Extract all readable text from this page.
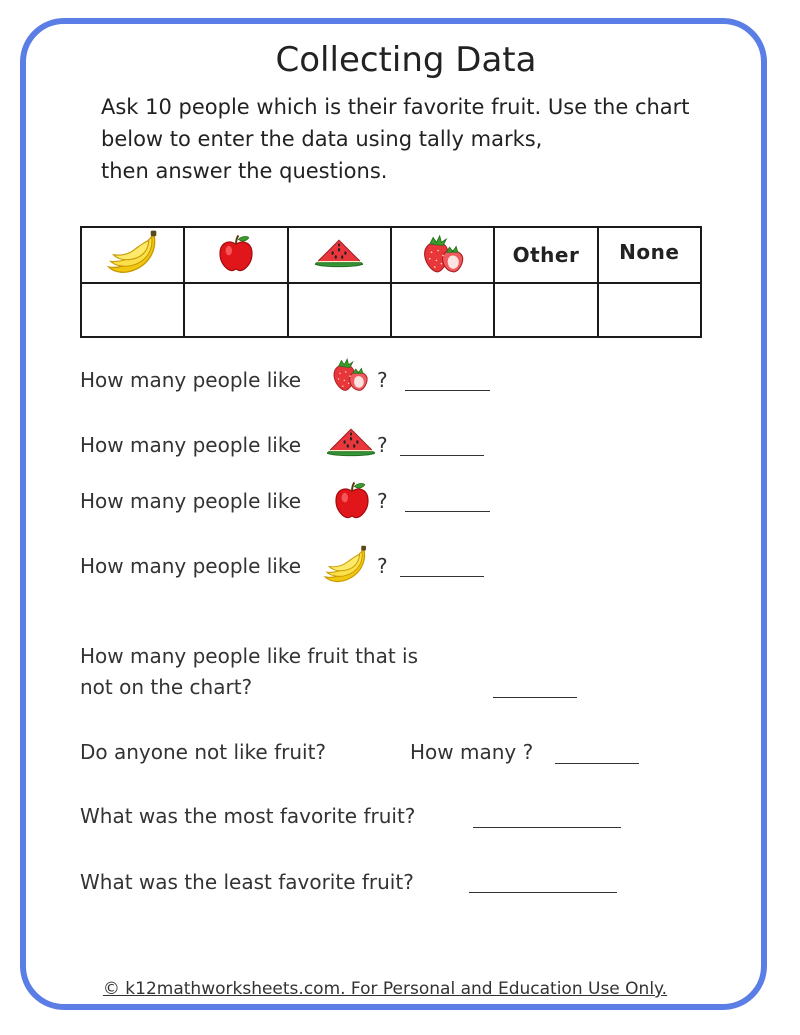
Collecting Data
Ask 10 people which is their favorite fruit. Use the chart
below to enter the data using tally marks,
then answer the questions.
				Other	None

How many people like	?
How many people like	?
How many people like	?
How many people like	?
How many people like fruit that is
not on the chart?
Do anyone not like fruit?	How many ?
What was the most favorite fruit?
What was the least favorite fruit?
© k12mathworksheets.com. For Personal and Education Use Only.
